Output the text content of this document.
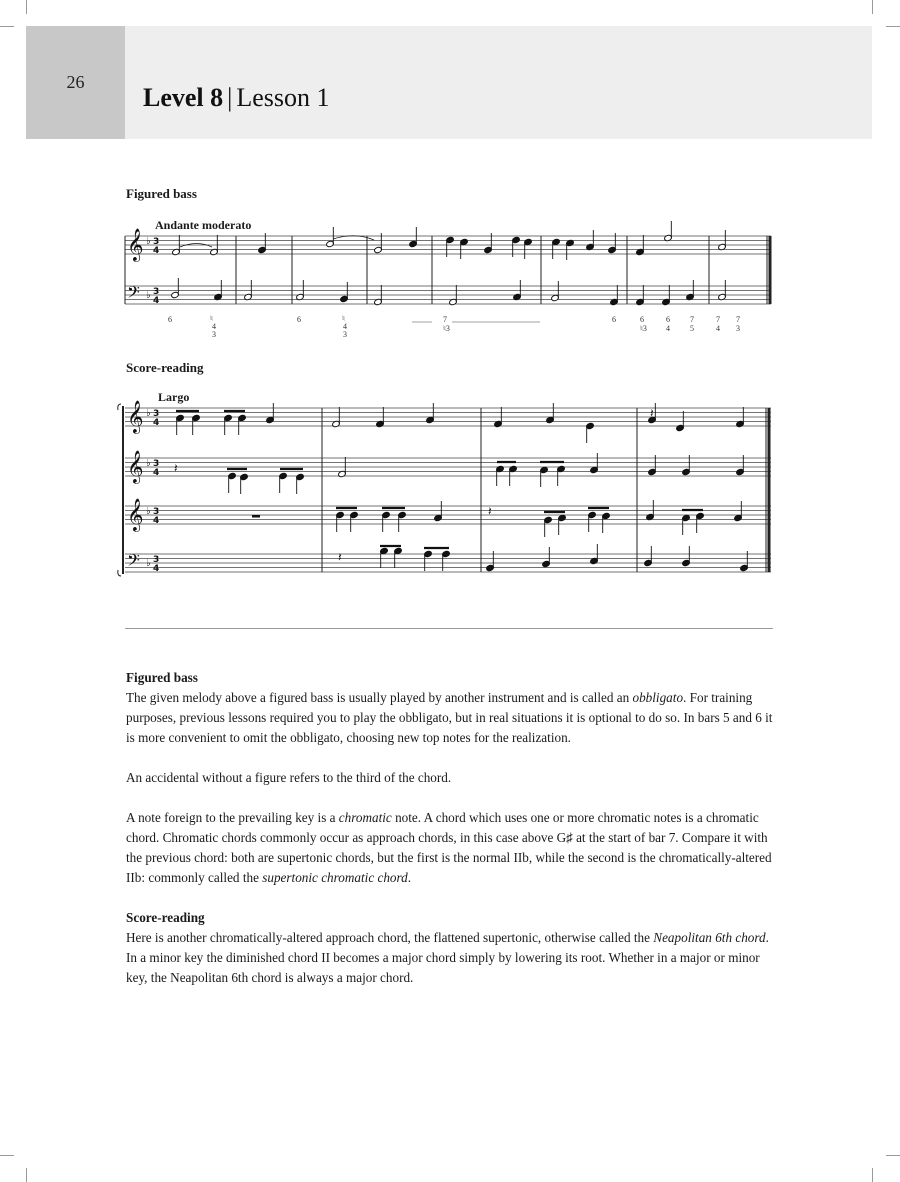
26
Level 8 | Lesson 1
Figured bass
Andante moderato
Score-reading
Largo
𝄞 ♭ 3
4
𝄢 ♭ 3
4
𝄞 ♭ 3
4
𝄞 ♭ 3
4
𝄞 ♭ 3
4
𝄢 ♭ 3
4
𝄽
𝄽
𝄽
𝄽
6	♮
4
3
6	♮
4
3
7
♮3
6	6
♮3
6
4
7
5
7
4
7
3

Figured bass

The given melody above a figured bass is usually played by another instrument and is called an obbligato. For training purposes, previous lessons required you to play the obbligato, but in real situations it is optional to do so. In bars 5 and 6 it is more convenient to omit the obbligato, choosing new top notes for the realization.

An accidental without a figure refers to the third of the chord.

A note foreign to the prevailing key is a chromatic note. A chord which uses one or more chromatic notes is a chromatic chord. Chromatic chords commonly occur as approach chords, in this case above G♯ at the start of bar 7. Compare it with the previous chord: both are supertonic chords, but the first is the normal IIb, while the second is the chromatically-altered IIb: commonly called the supertonic chromatic chord.

Score-reading

Here is another chromatically-altered approach chord, the flattened supertonic, otherwise called the Neapolitan 6th chord. In a minor key the diminished chord II becomes a major chord simply by lowering its root. Whether in a major or minor key, the Neapolitan 6th chord is always a major chord.
